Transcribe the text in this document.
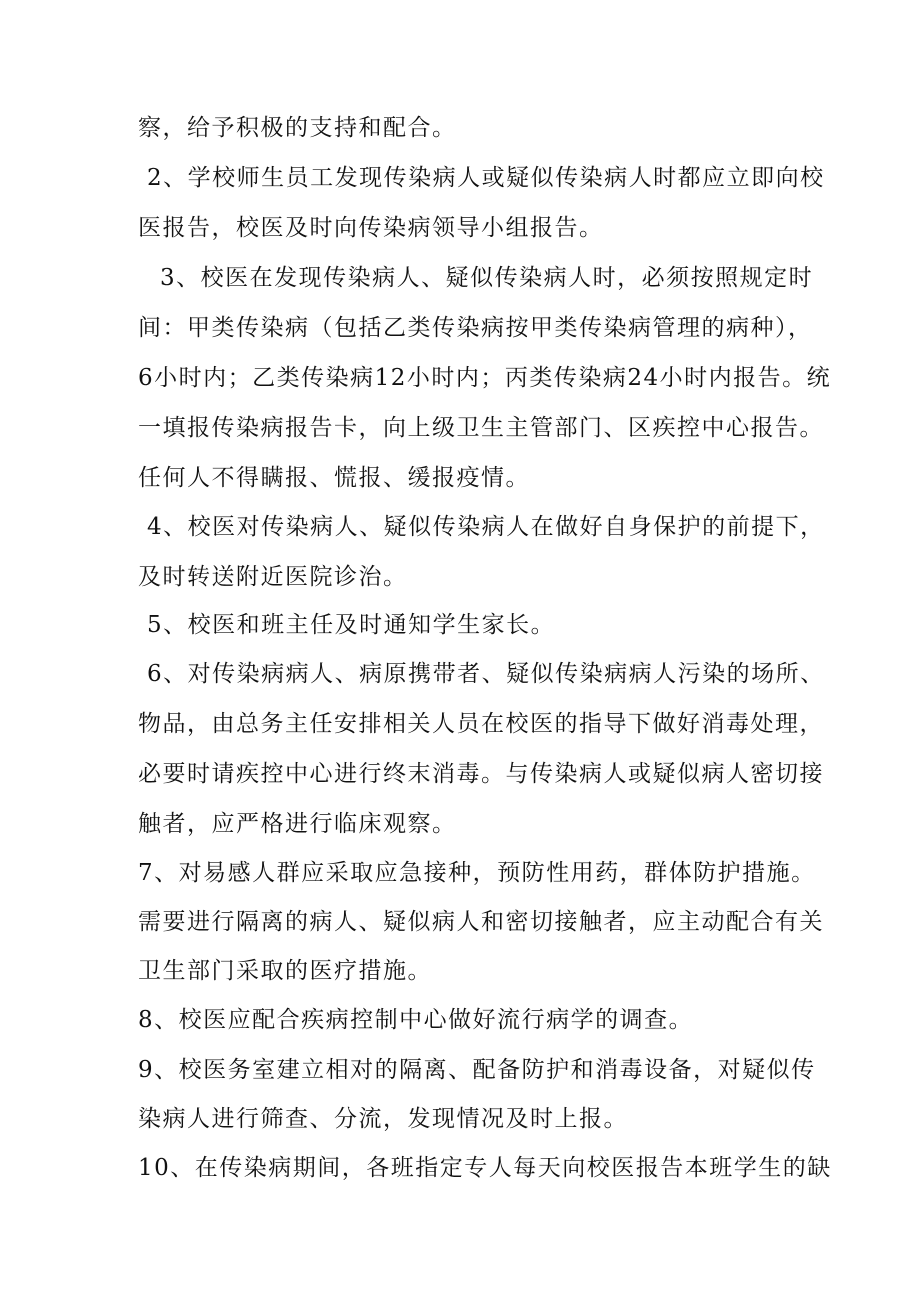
察，给予积极的支持和配合。
2、学校师生员工发现传染病人或疑似传染病人时都应立即向校
医报告，校医及时向传染病领导小组报告。
3、校医在发现传染病人、疑似传染病人时，必须按照规定时
间：甲类传染病（包括乙类传染病按甲类传染病管理的病种），
6小时内；乙类传染病12小时内；丙类传染病24小时内报告。统
一填报传染病报告卡，向上级卫生主管部门、区疾控中心报告。
任何人不得瞒报、慌报、缓报疫情。
4、校医对传染病人、疑似传染病人在做好自身保护的前提下，
及时转送附近医院诊治。
5、校医和班主任及时通知学生家长。
6、对传染病病人、病原携带者、疑似传染病病人污染的场所、
物品，由总务主任安排相关人员在校医的指导下做好消毒处理，
必要时请疾控中心进行终末消毒。与传染病人或疑似病人密切接
触者，应严格进行临床观察。
7、对易感人群应采取应急接种，预防性用药，群体防护措施。
需要进行隔离的病人、疑似病人和密切接触者，应主动配合有关
卫生部门采取的医疗措施。
8、校医应配合疾病控制中心做好流行病学的调查。
9、校医务室建立相对的隔离、配备防护和消毒设备，对疑似传
染病人进行筛查、分流，发现情况及时上报。
10、在传染病期间，各班指定专人每天向校医报告本班学生的缺
